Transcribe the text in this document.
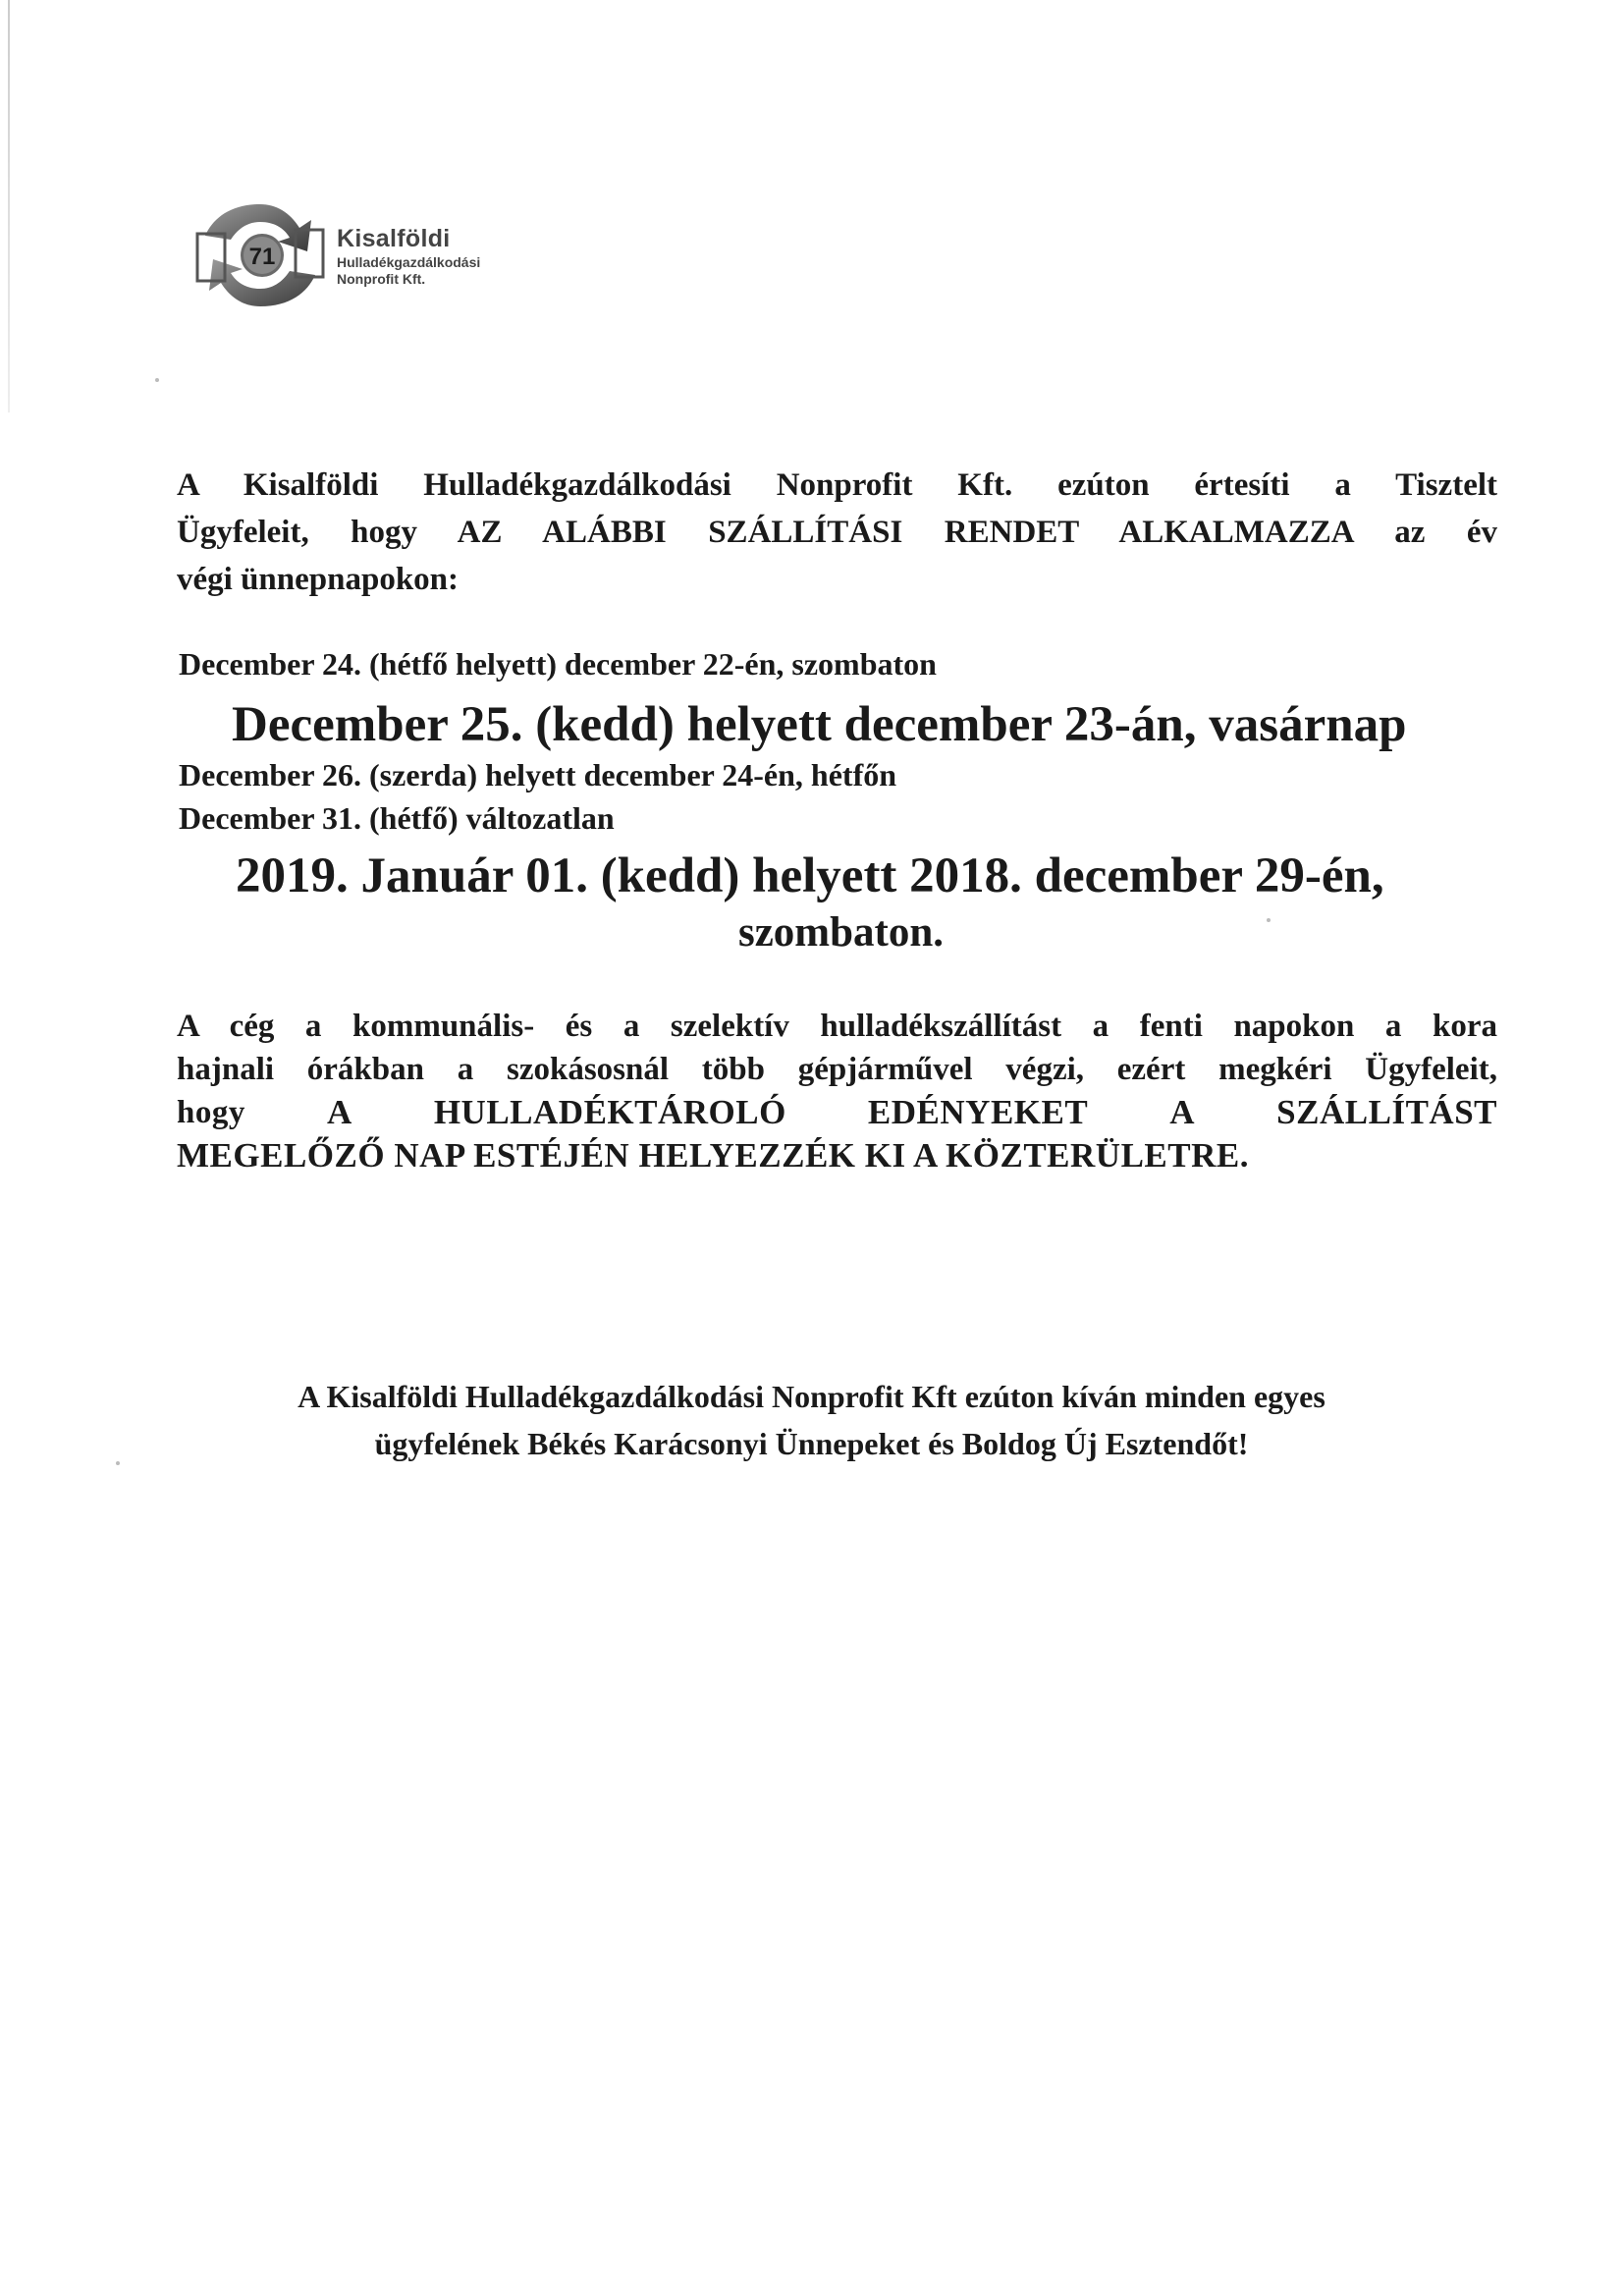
71
Kisalföldi
Hulladékgazdálkodási
Nonprofit Kft.
A Kisalföldi Hulladékgazdálkodási Nonprofit Kft. ezúton értesíti a Tisztelt
Ügyfeleit, hogy AZ ALÁBBI SZÁLLÍTÁSI RENDET ALKALMAZZA az év
végi ünnepnapokon:
December 24. (hétfő helyett) december 22-én, szombaton
December 25. (kedd) helyett december 23-án, vasárnap
December 26. (szerda) helyett december 24-én, hétfőn
December 31. (hétfő) változatlan
2019. Január 01. (kedd) helyett 2018. december 29-én,
szombaton.
A cég a kommunális- és a szelektív hulladékszállítást a fenti napokon a kora
hajnali órákban a szokásosnál több gépjárművel végzi, ezért megkéri Ügyfeleit,
hogy A HULLADÉKTÁROLÓ EDÉNYEKET A SZÁLLÍTÁST
MEGELŐZŐ NAP ESTÉJÉN HELYEZZÉK KI A KÖZTERÜLETRE.

A Kisalföldi Hulladékgazdálkodási Nonprofit Kft ezúton kíván minden egyes

ügyfelének Békés Karácsonyi Ünnepeket és Boldog Új Esztendőt!
